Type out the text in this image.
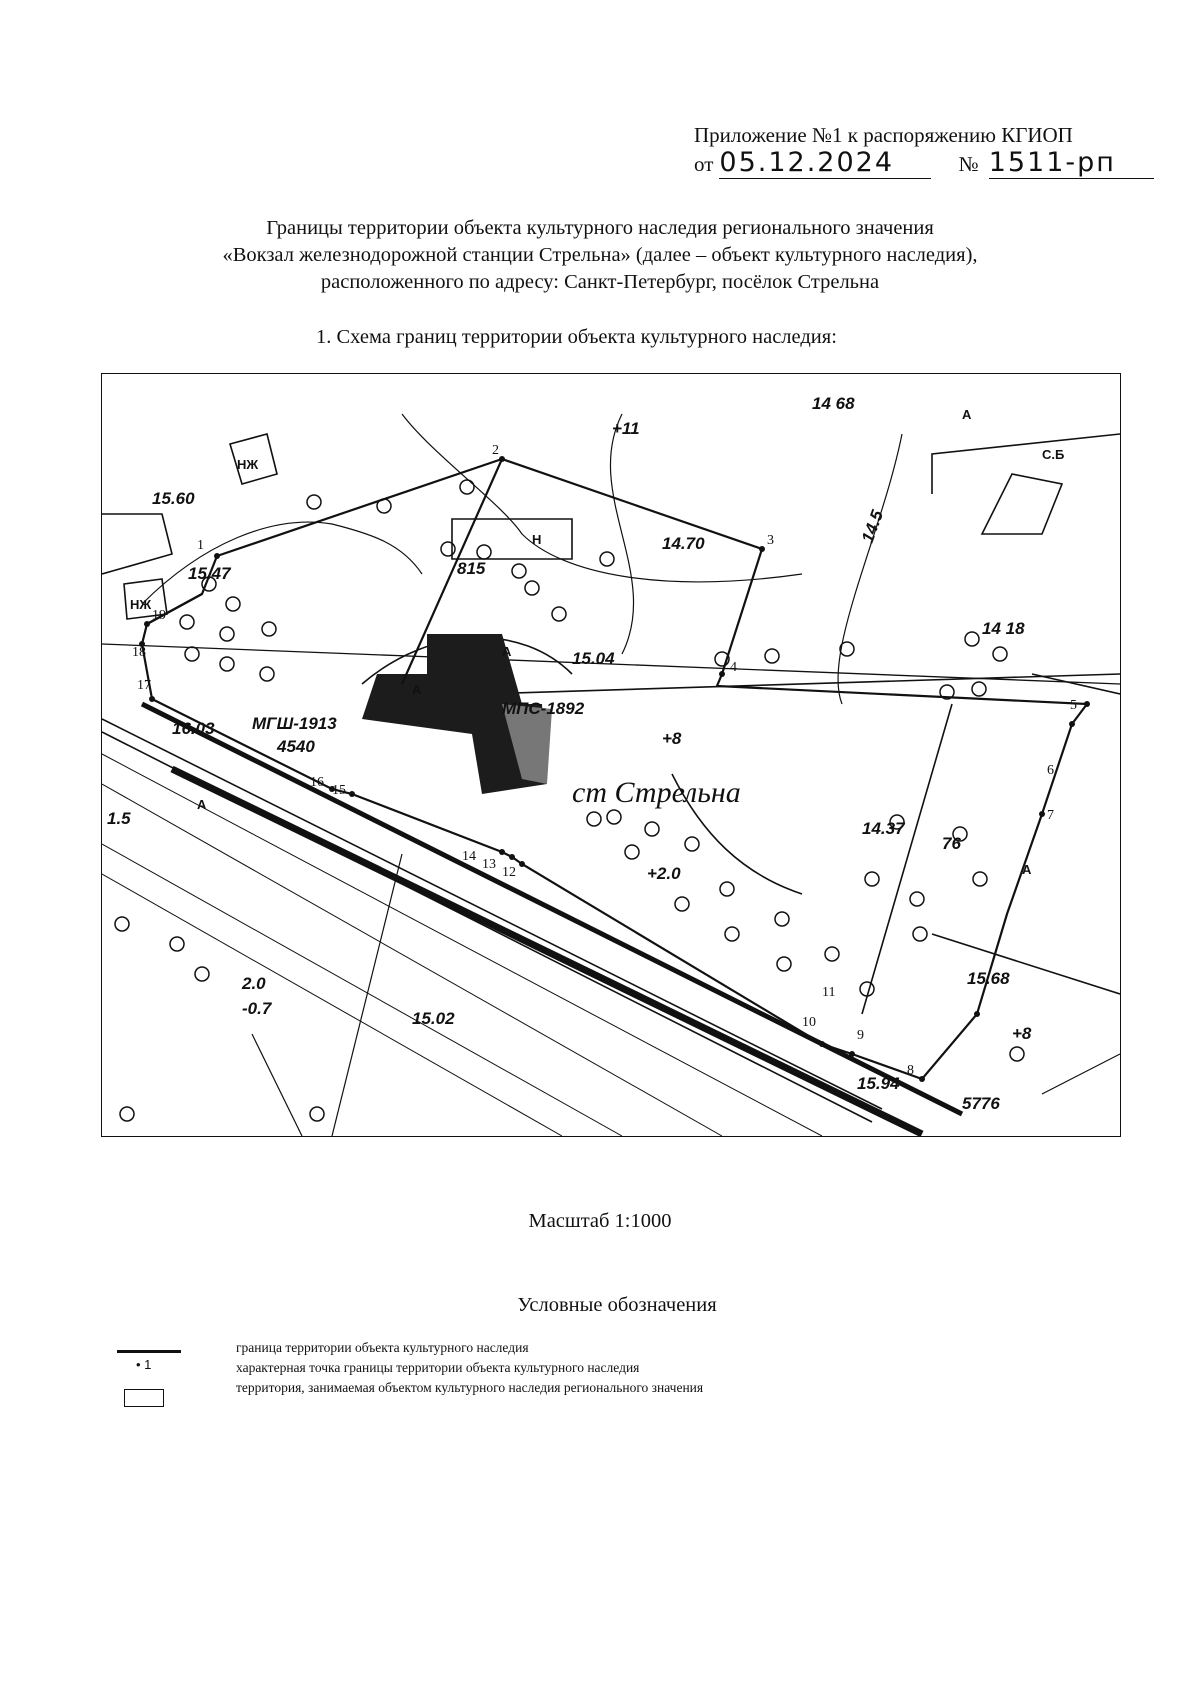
Приложение №1 к распоряжению КГИОП
от 05.12.2024	№ 1511-рп
Границы территории объекта культурного наследия регионального значения
«Вокзал железнодорожной станции Стрельна» (далее – объект культурного наследия),
расположенного по адресу: Санкт-Петербург, посёлок Стрельна
1. Схема границ территории объекта культурного наследия:
1
2
3
4
5
6
7
8
9
10
11
12
13
14
15
16
17
18
19
14 68
15.60
15.47
14.70
815
15.04
14 18
16.03
14.37
76
+2.0
+8
+11
15.68
15.02
2.0
-0.7
15.94
5776
+8
14.5
1.5
МПС-1892
МГШ-1913
4540
ст Стрельна
А
А
А
А
А
Н
НЖ
НЖ
С.Б
Масштаб 1:1000
Условные обозначения
• 1
граница территории объекта культурного наследия
характерная точка границы территории объекта культурного наследия
территория, занимаемая объектом культурного наследия регионального значения
